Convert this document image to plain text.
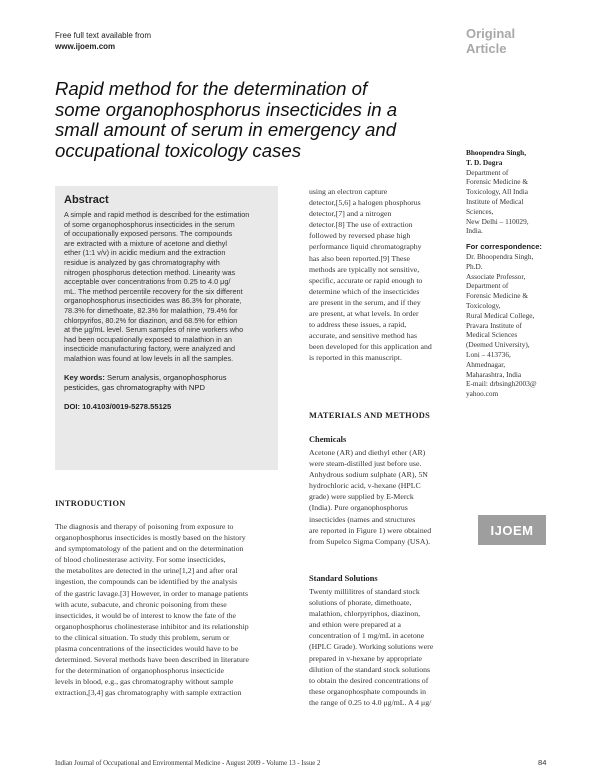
Free full text available from
www.ijoem.com
Original
Article
Rapid method for the determination of
some organophosphorus insecticides in a
small amount of serum in emergency and
occupational toxicology cases
Abstract

A simple and rapid method is described for the estimation
of some organophosphorus insecticides in the serum
of occupationally exposed persons. The compounds
are extracted with a mixture of acetone and diethyl
ether (1:1 v/v) in acidic medium and the extraction
residue is analyzed by gas chromatography with
nitrogen phosphorus detection method. Linearity was
acceptable over concentrations from 0.25 to 4.0 μg/
mL. The method percentile recovery for the six different
organophosphorus insecticides was 86.3% for phorate,
78.3% for dimethoate, 82.3% for malathion, 79.4% for
chlorpyrifos, 80.2% for diazinon, and 68.5% for ethion
at the μg/mL level. Serum samples of nine workers who
had been occupationally exposed to malathion in an
insecticide manufacturing factory, were analyzed and
malathion was found at low levels in all the samples.

Key words: Serum analysis, organophosphorus
pesticides, gas chromatography with NPD
DOI: 10.4103/0019-5278.55125
INTRODUCTION
The diagnosis and therapy of poisoning from exposure to
organophosphorus insecticides is mostly based on the history
and symptomatology of the patient and on the determination
of blood cholinesterase activity. For some insecticides,
the metabolites are detected in the urine[1,2] and after oral
ingestion, the compounds can be identified by the analysis
of the gastric lavage.[3] However, in order to manage patients
with acute, subacute, and chronic poisoning from these
insecticides, it would be of interest to know the fate of the
organophosphorus cholinesterase inhibitor and its relationship
to the clinical situation. To study this problem, serum or
plasma concentrations of the insecticides would have to be
determined. Several methods have been described in literature
for the determination of organophosphorus insecticide
levels in blood, e.g., gas chromatography without sample
extraction,[3,4] gas chromatography with sample extraction
using an electron capture
detector,[5,6] a halogen phosphorus
detector,[7] and a nitrogen
detector.[8] The use of extraction
followed by reversed phase high
performance liquid chromatography
has also been reported.[9] These
methods are typically not sensitive,
specific, accurate or rapid enough to
determine which of the insecticides
are present in the serum, and if they
are present, at what levels. In order
to address these issues, a rapid,
accurate, and sensitive method has
been developed for this application and
is reported in this manuscript.
MATERIALS AND METHODS
Chemicals
Acetone (AR) and diethyl ether (AR)
were steam-distilled just before use.
Anhydrous sodium sulphate (AR), 5N
hydrochloric acid, v-hexane (HPLC
grade) were supplied by E-Merck
(India). Pure organophosphorus
insecticides (names and structures
are reported in Figure 1) were obtained
from Supelco Sigma Company (USA).
Standard Solutions
Twenty millilitres of standard stock
solutions of phorate, dimethoate,
malathion, chlorpyriphos, diazinon,
and ethion were prepared at a
concentration of 1 mg/mL in acetone
(HPLC Grade). Working solutions were
prepared in v-hexane by appropriate
dilution of the standard stock solutions
to obtain the desired concentrations of
these organophosphate compounds in
the range of 0.25 to 4.0 μg/mL. A 4 μg/
Bhoopendra Singh,
T. D. Dogra
Department of
Forensic Medicine &
Toxicology, All India
Institute of Medical
Sciences,
New Delhi – 110029,
India.
For correspondence:
Dr. Bhoopendra Singh,
Ph.D.
Associate Professor,
Department of
Forensic Medicine &
Toxicology,
Rural Medical College,
Pravara Institute of
Medical Sciences
(Deemed University),
Loni – 413736,
Ahmednagar,
Maharashtra, India
E-mail: drbsingh2003@
yahoo.com
IJOEM
Indian Journal of Occupational and Environmental Medicine - August 2009 - Volume 13 - Issue 2	84
